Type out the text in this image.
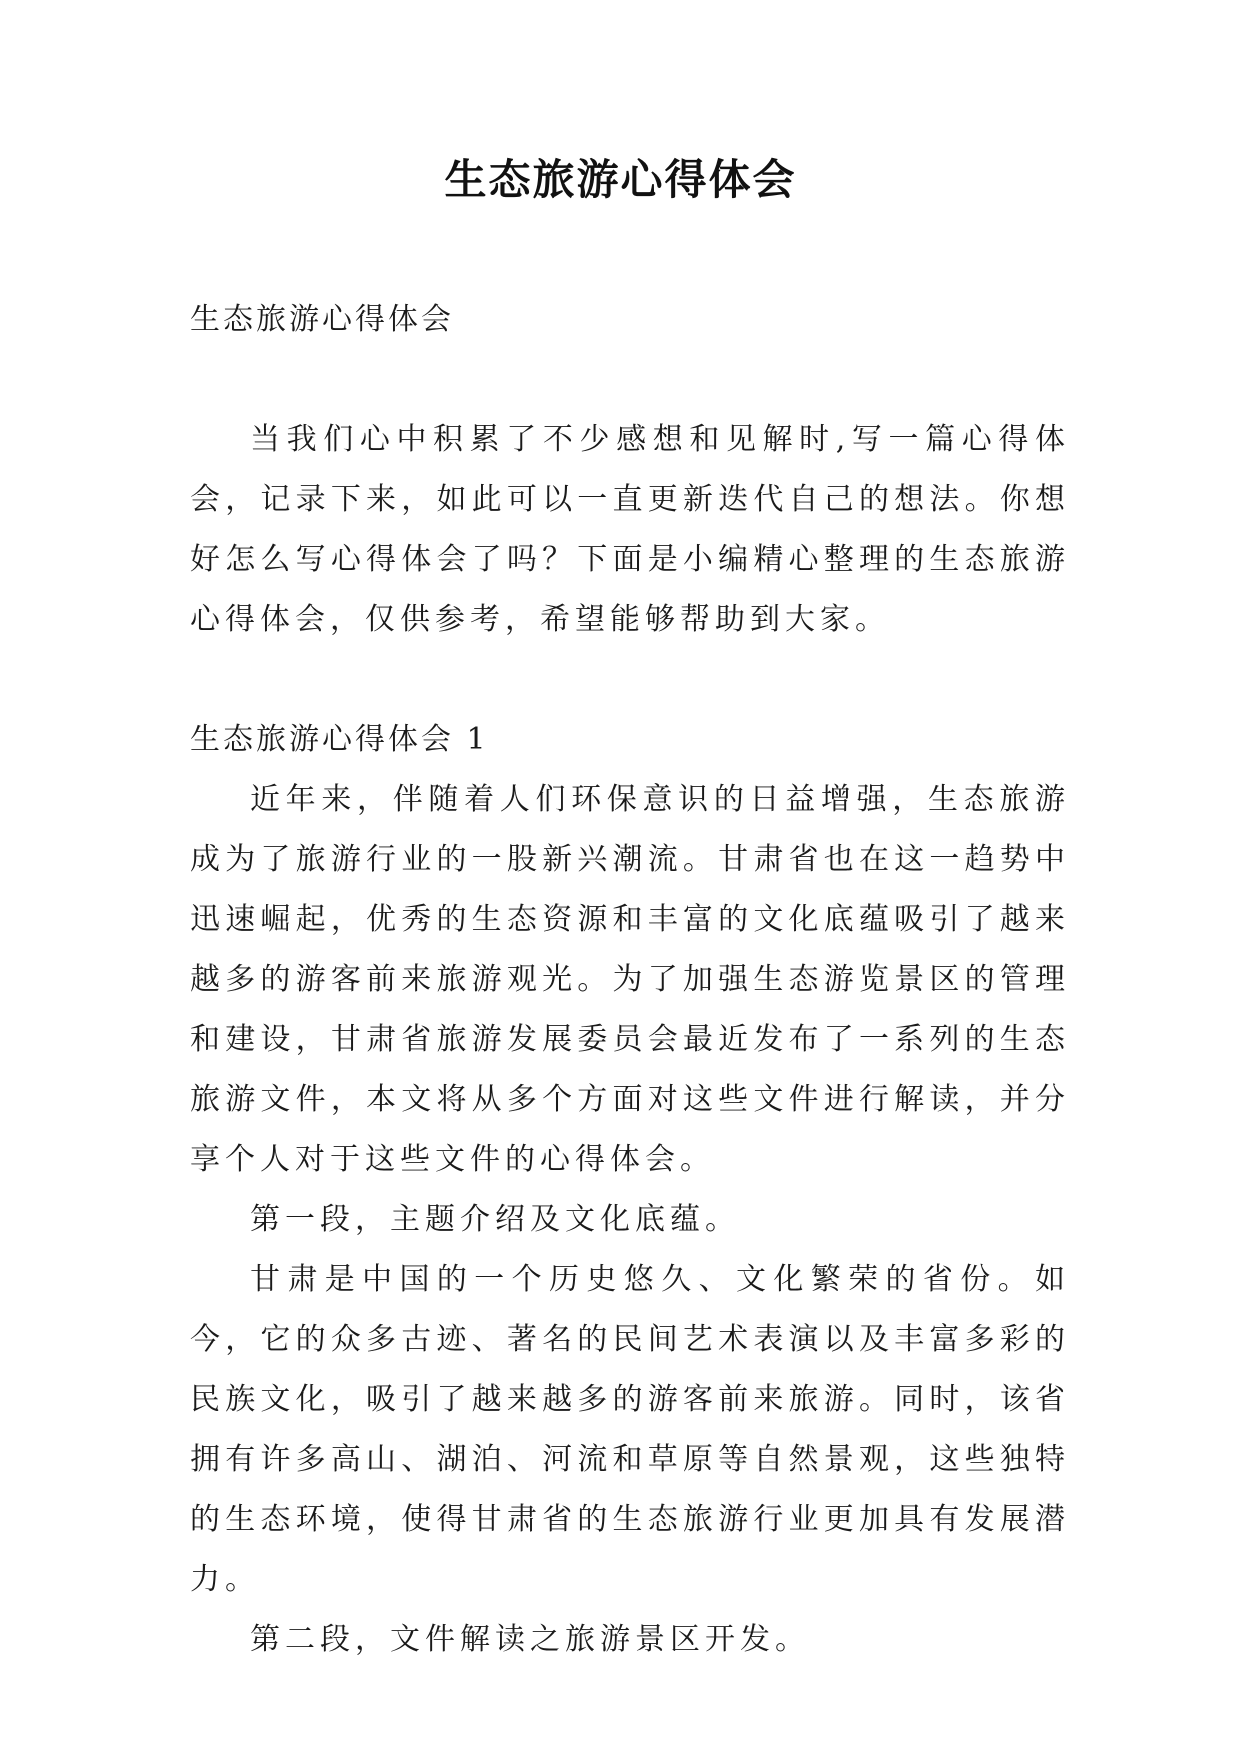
生态旅游心得体会

生态旅游心得体会

当我们心中积累了不少感想和见解时,写一篇心得体会，记录下来，如此可以一直更新迭代自己的想法。你想好怎么写心得体会了吗？下面是小编精心整理的生态旅游心得体会，仅供参考，希望能够帮助到大家。

生态旅游心得体会 1

近年来，伴随着人们环保意识的日益增强，生态旅游成为了旅游行业的一股新兴潮流。甘肃省也在这一趋势中迅速崛起，优秀的生态资源和丰富的文化底蕴吸引了越来越多的游客前来旅游观光。为了加强生态游览景区的管理和建设，甘肃省旅游发展委员会最近发布了一系列的生态旅游文件，本文将从多个方面对这些文件进行解读，并分享个人对于这些文件的心得体会。

第一段，主题介绍及文化底蕴。

甘肃是中国的一个历史悠久、文化繁荣的省份。如今，它的众多古迹、著名的民间艺术表演以及丰富多彩的民族文化，吸引了越来越多的游客前来旅游。同时，该省拥有许多高山、湖泊、河流和草原等自然景观，这些独特的生态环境，使得甘肃省的生态旅游行业更加具有发展潜力。

第二段，文件解读之旅游景区开发。
